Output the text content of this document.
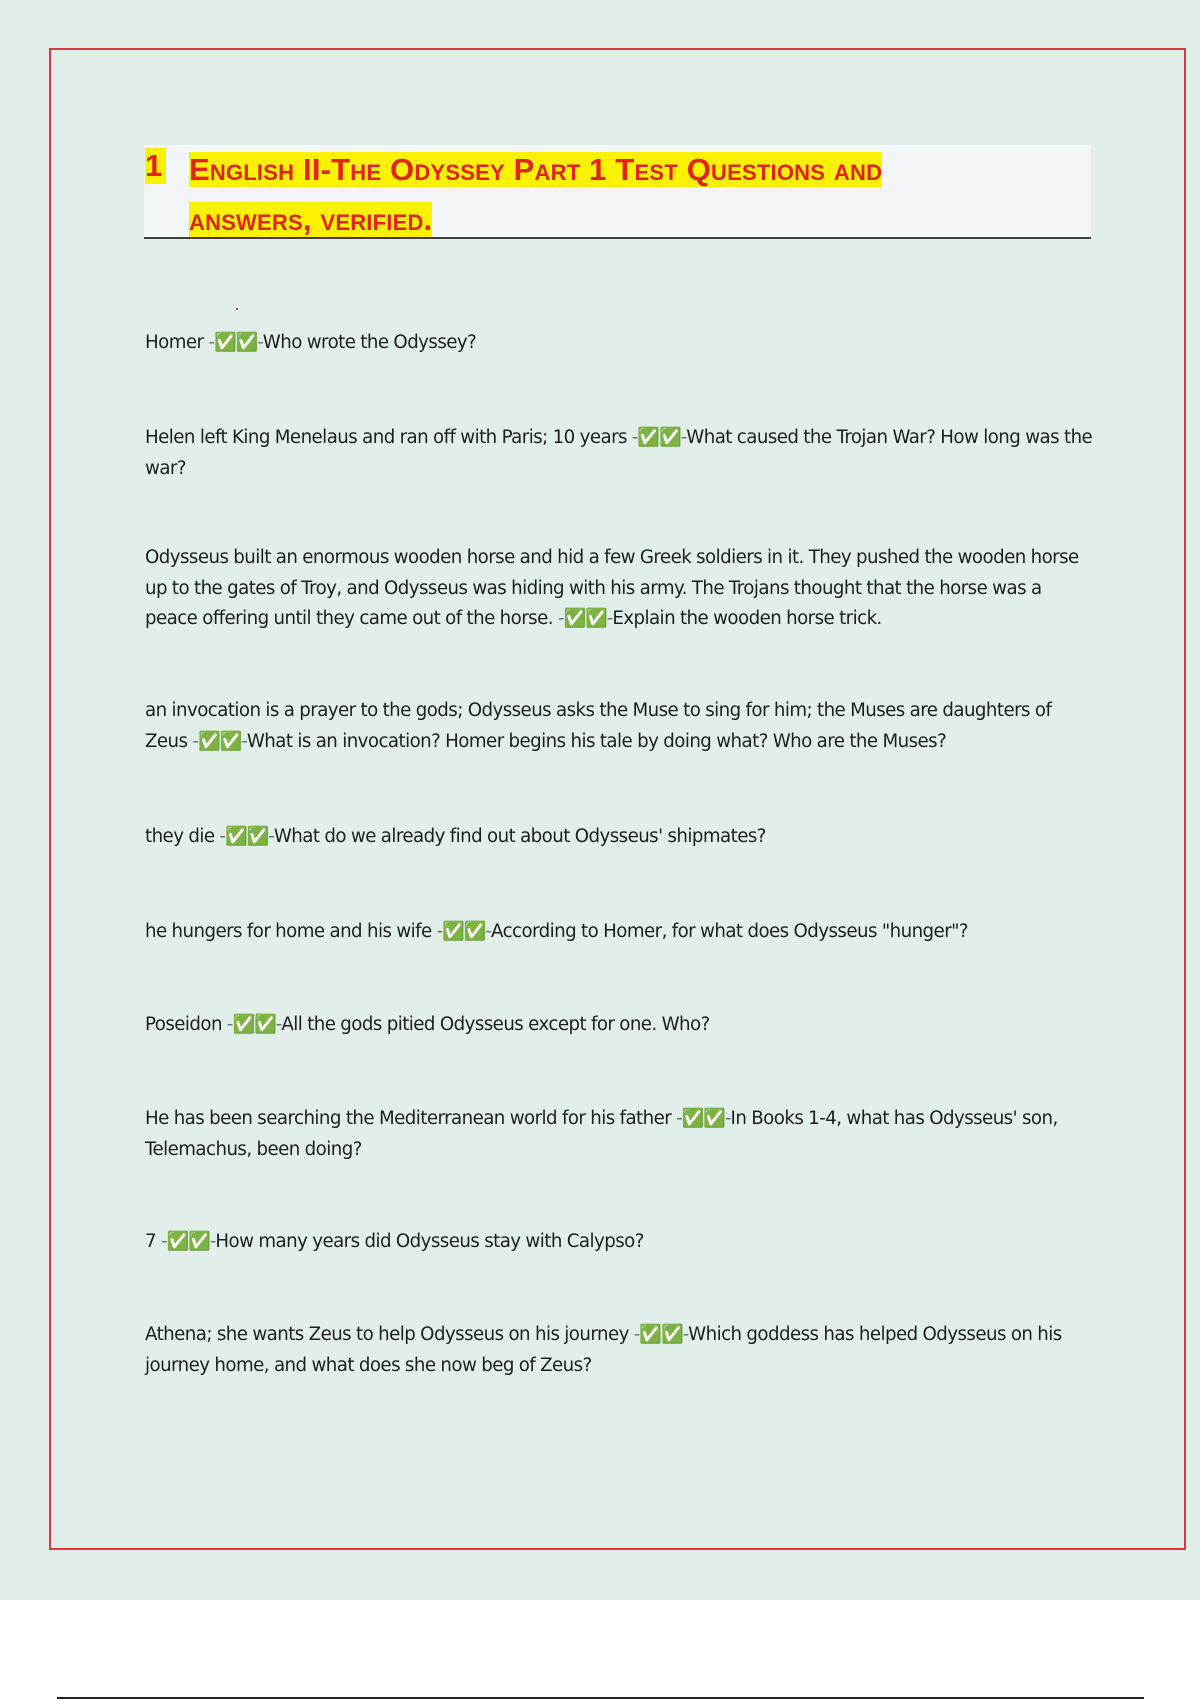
1 English II-The Odyssey Part 1 Test Questions and
answers, verified.
Homer -✅✅-Who wrote the Odyssey?
Helen left King Menelaus and ran off with Paris; 10 years -✅✅-What caused the Trojan War? How long was the war?
Odysseus built an enormous wooden horse and hid a few Greek soldiers in it. They pushed the wooden horse up to the gates of Troy, and Odysseus was hiding with his army. The Trojans thought that the horse was a peace offering until they came out of the horse. -✅✅-Explain the wooden horse trick.
an invocation is a prayer to the gods; Odysseus asks the Muse to sing for him; the Muses are daughters of Zeus -✅✅-What is an invocation? Homer begins his tale by doing what? Who are the Muses?
they die -✅✅-What do we already find out about Odysseus' shipmates?
he hungers for home and his wife -✅✅-According to Homer, for what does Odysseus "hunger"?
Poseidon -✅✅-All the gods pitied Odysseus except for one. Who?
He has been searching the Mediterranean world for his father -✅✅-In Books 1-4, what has Odysseus' son, Telemachus, been doing?
7 -✅✅-How many years did Odysseus stay with Calypso?
Athena; she wants Zeus to help Odysseus on his journey -✅✅-Which goddess has helped Odysseus on his journey home, and what does she now beg of Zeus?
